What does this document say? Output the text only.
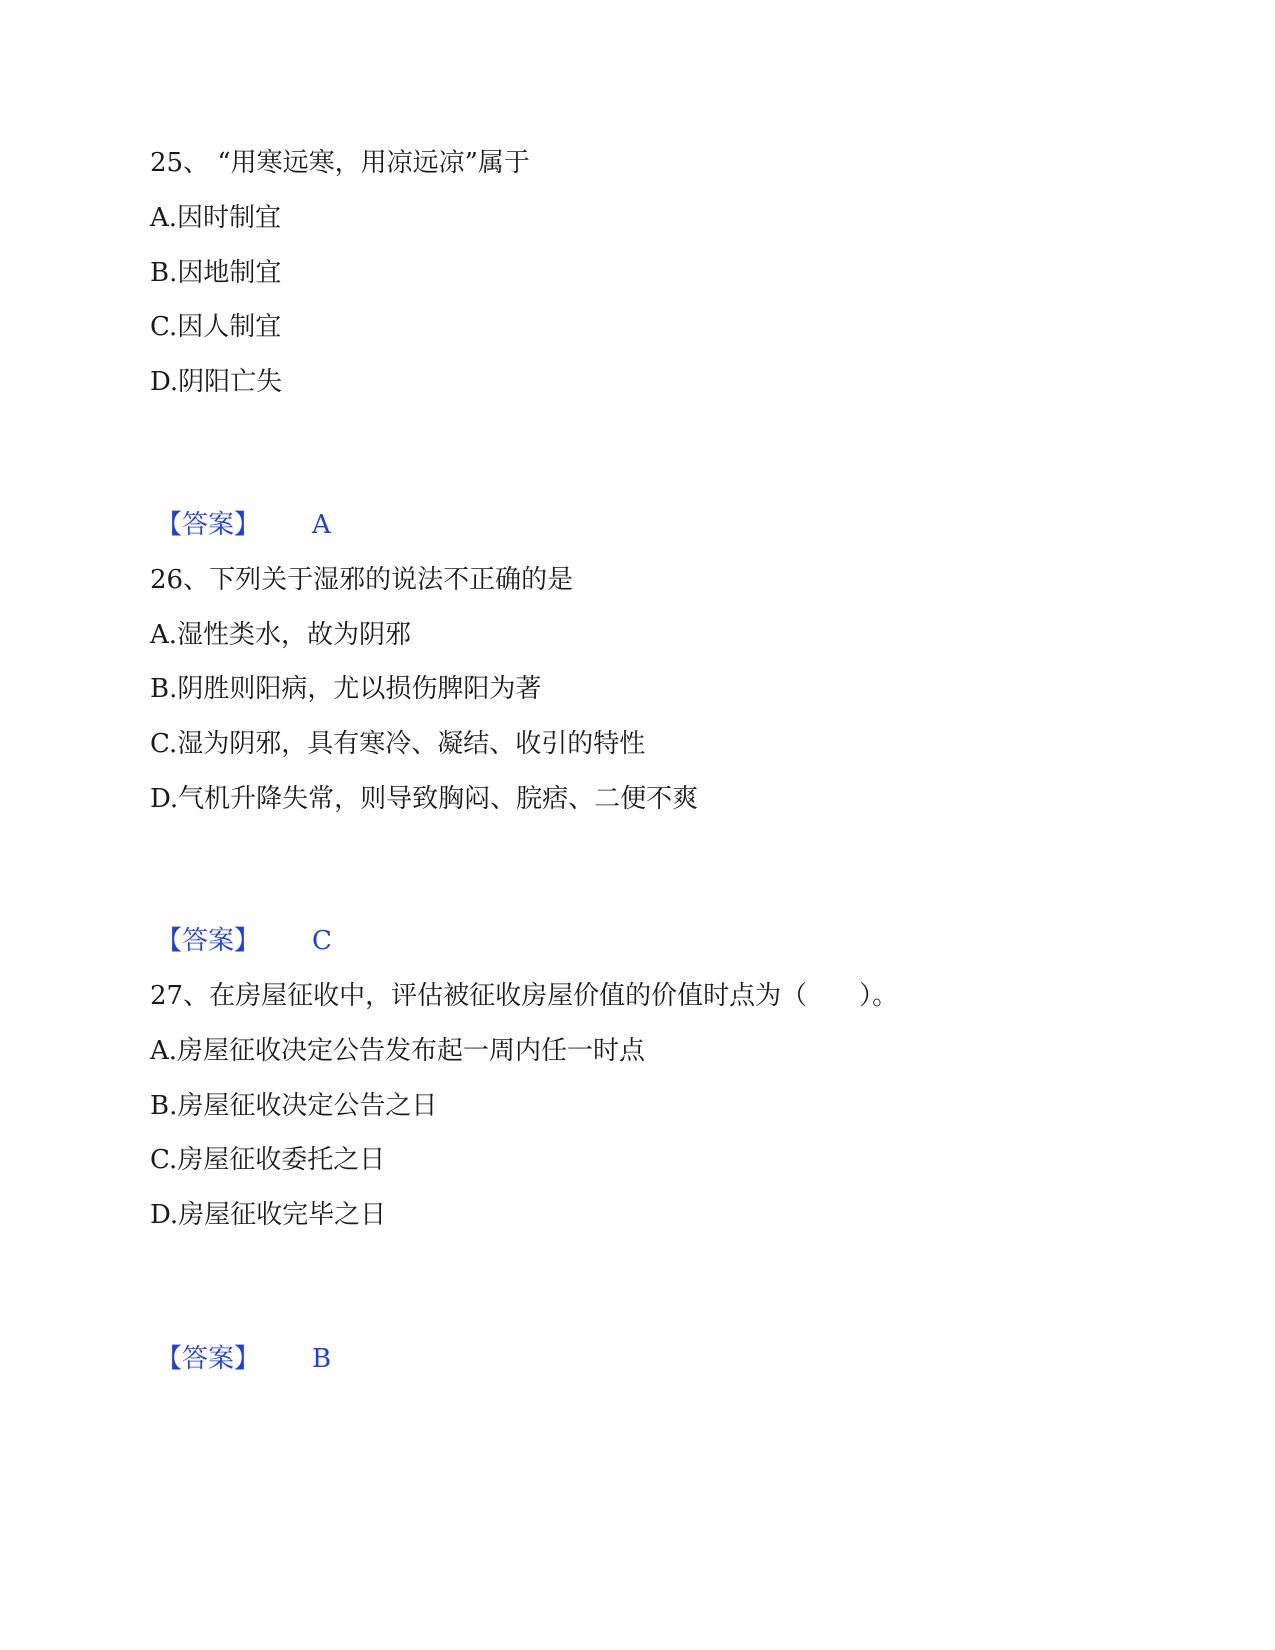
25、 “用寒远寒，用凉远凉”属于
A.因时制宜
B.因地制宜
C.因人制宜
D.阴阳亡失
【答案】 A
26、下列关于湿邪的说法不正确的是
A.湿性类水，故为阴邪
B.阴胜则阳病，尤以损伤脾阳为著
C.湿为阴邪，具有寒冷、凝结、收引的特性
D.气机升降失常，则导致胸闷、脘痞、二便不爽
【答案】 C
27、在房屋征收中，评估被征收房屋价值的价值时点为（　　）。
A.房屋征收决定公告发布起一周内任一时点
B.房屋征收决定公告之日
C.房屋征收委托之日
D.房屋征收完毕之日
【答案】 B
